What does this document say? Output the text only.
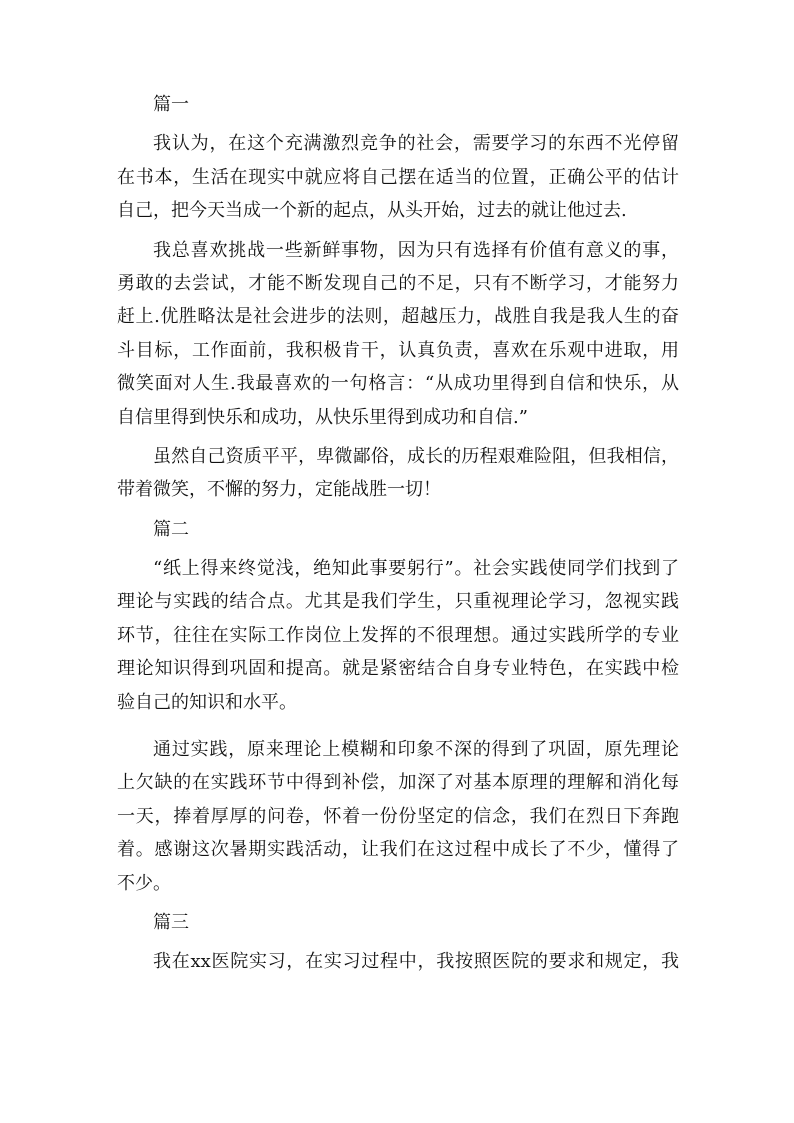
篇一
我认为，在这个充满激烈竞争的社会，需要学习的东西不光停留
在书本，生活在现实中就应将自己摆在适当的位置，正确公平的估计
自己，把今天当成一个新的起点，从头开始，过去的就让他过去.
我总喜欢挑战一些新鲜事物，因为只有选择有价值有意义的事，
勇敢的去尝试，才能不断发现自己的不足，只有不断学习，才能努力
赶上.优胜略汰是社会进步的法则，超越压力，战胜自我是我人生的奋
斗目标，工作面前，我积极肯干，认真负责，喜欢在乐观中进取，用
微笑面对人生.我最喜欢的一句格言：“从成功里得到自信和快乐，从
自信里得到快乐和成功，从快乐里得到成功和自信.”
虽然自己资质平平，卑微鄙俗，成长的历程艰难险阻，但我相信，
带着微笑，不懈的努力，定能战胜一切！
篇二
“纸上得来终觉浅，绝知此事要躬行”。社会实践使同学们找到了
理论与实践的结合点。尤其是我们学生，只重视理论学习，忽视实践
环节，往往在实际工作岗位上发挥的不很理想。通过实践所学的专业
理论知识得到巩固和提高。就是紧密结合自身专业特色，在实践中检
验自己的知识和水平。
通过实践，原来理论上模糊和印象不深的得到了巩固，原先理论
上欠缺的在实践环节中得到补偿，加深了对基本原理的理解和消化每
一天，捧着厚厚的问卷，怀着一份份坚定的信念，我们在烈日下奔跑
着。感谢这次暑期实践活动，让我们在这过程中成长了不少，懂得了
不少。
篇三
我在xx医院实习，在实习过程中，我按照医院的要求和规定，我
